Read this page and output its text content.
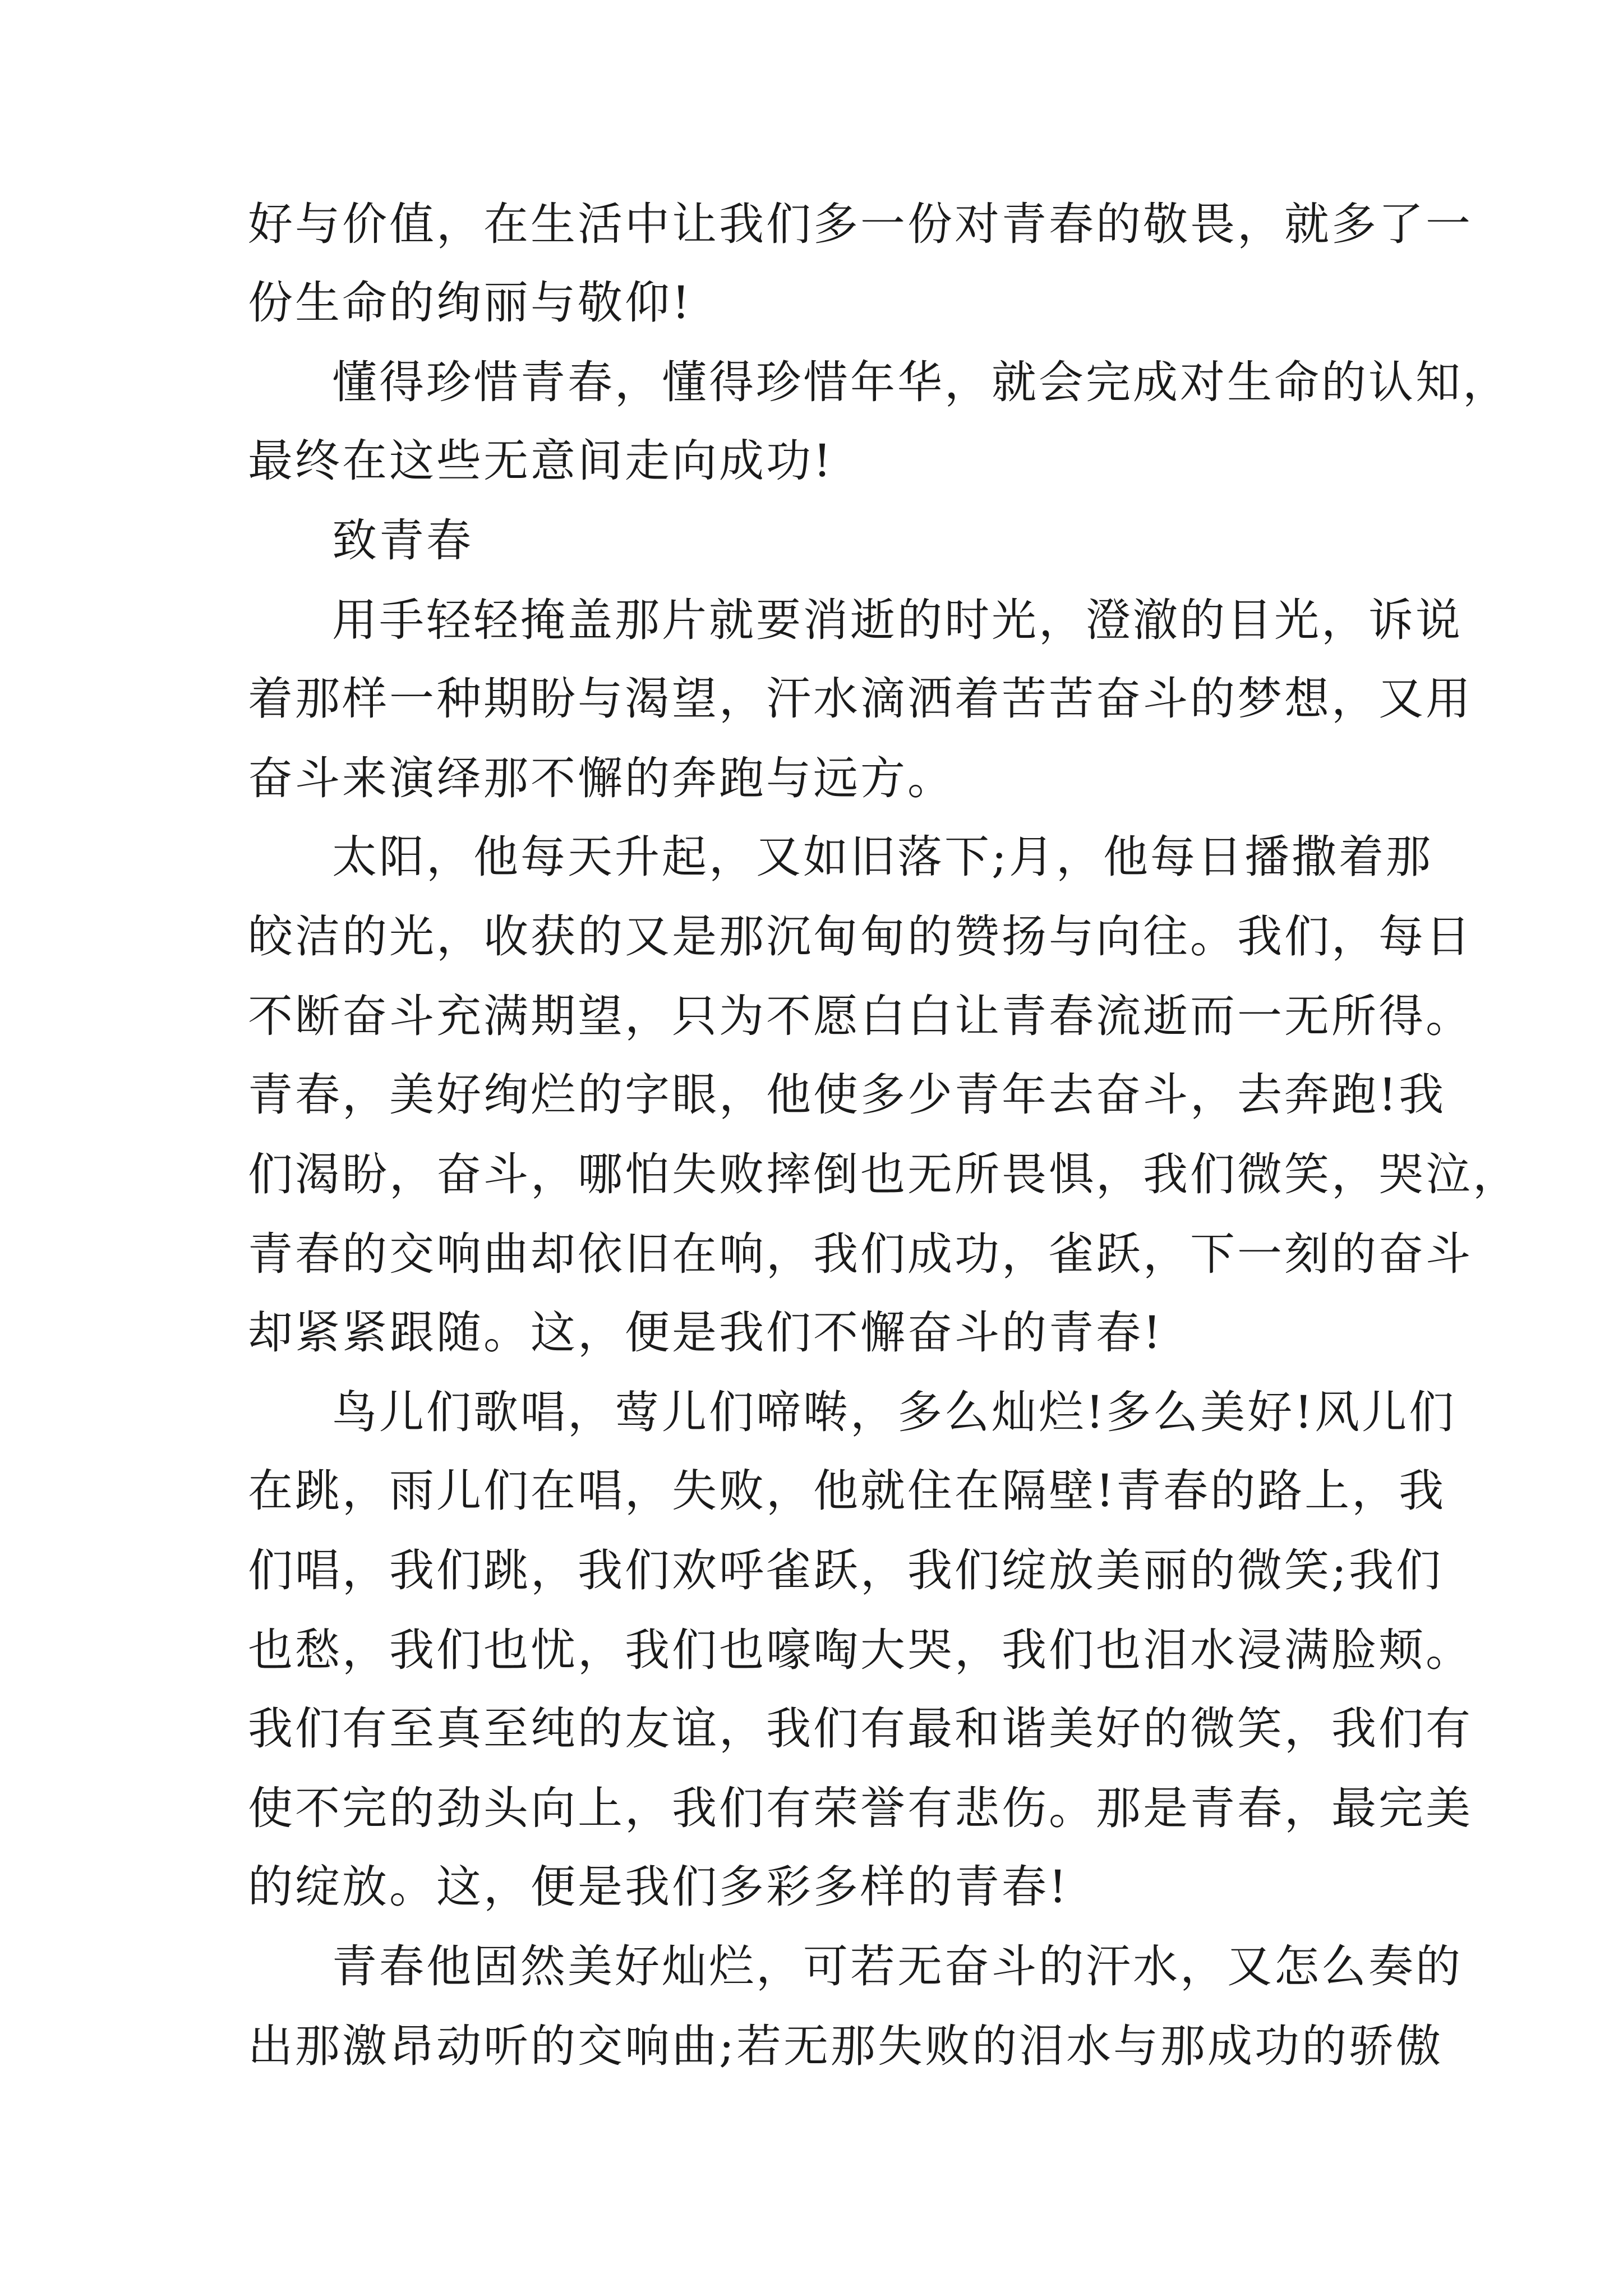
好与价值，在生活中让我们多一份对青春的敬畏，就多了一
份生命的绚丽与敬仰!
懂得珍惜青春，懂得珍惜年华，就会完成对生命的认知，
最终在这些无意间走向成功!
致青春
用手轻轻掩盖那片就要消逝的时光，澄澈的目光，诉说
着那样一种期盼与渴望，汗水滴洒着苦苦奋斗的梦想，又用
奋斗来演绎那不懈的奔跑与远方。
太阳，他每天升起，又如旧落下;月，他每日播撒着那
皎洁的光，收获的又是那沉甸甸的赞扬与向往。我们，每日
不断奋斗充满期望，只为不愿白白让青春流逝而一无所得。
青春，美好绚烂的字眼，他使多少青年去奋斗，去奔跑!我
们渴盼，奋斗，哪怕失败摔倒也无所畏惧，我们微笑，哭泣，
青春的交响曲却依旧在响，我们成功，雀跃，下一刻的奋斗
却紧紧跟随。这，便是我们不懈奋斗的青春!
鸟儿们歌唱，莺儿们啼啭，多么灿烂!多么美好!风儿们
在跳，雨儿们在唱，失败，他就住在隔壁!青春的路上，我
们唱，我们跳，我们欢呼雀跃，我们绽放美丽的微笑;我们
也愁，我们也忧，我们也嚎啕大哭，我们也泪水浸满脸颊。
我们有至真至纯的友谊，我们有最和谐美好的微笑，我们有
使不完的劲头向上，我们有荣誉有悲伤。那是青春，最完美
的绽放。这，便是我们多彩多样的青春!
青春他固然美好灿烂，可若无奋斗的汗水，又怎么奏的
出那激昂动听的交响曲;若无那失败的泪水与那成功的骄傲
